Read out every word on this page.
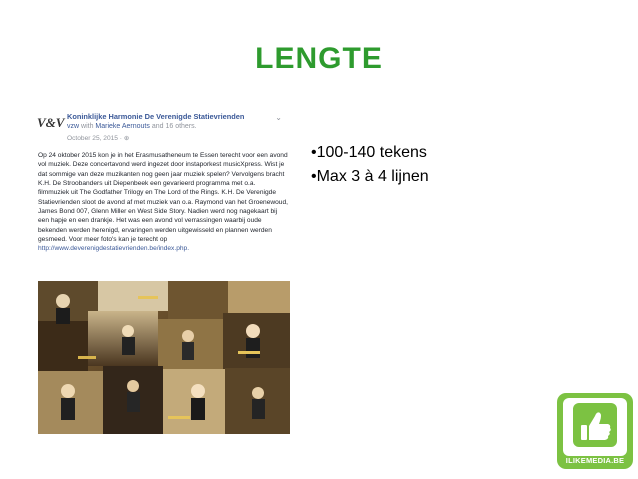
LENGTE
V&V Koninklijke Harmonie De Verenigde Statievrienden
vzw with Marieke Aernouts and 16 others.
October 25, 2015 · ⊕
⌄
Op 24 oktober 2015 kon je in het Erasmusatheneum te Essen terecht voor een avond vol muziek. Deze concertavond werd ingezet door instaporkest musicXpress. Wist je dat sommige van deze muzikanten nog geen jaar muziek spelen? Vervolgens bracht K.H. De Stroobanders uit Diepenbeek een gevarieerd programma met o.a. filmmuziek uit The Godfather Trilogy en The Lord of the Rings. K.H. De Verenigde Statievrienden sloot de avond af met muziek van o.a. Raymond van het Groenewoud, James Bond 007, Glenn Miller en West Side Story. Nadien werd nog nagekaart bij een hapje en een drankje. Het was een avond vol verrassingen waarbij oude bekenden werden herenigd, ervaringen werden uitgewisseld en plannen werden gesmeed. Voor meer foto's kan je terecht op
http://www.deverenigdestatievrienden.be/index.php.
•100-140 tekens
•Max 3 à 4 lijnen
ILIKEMEDIA.BE
